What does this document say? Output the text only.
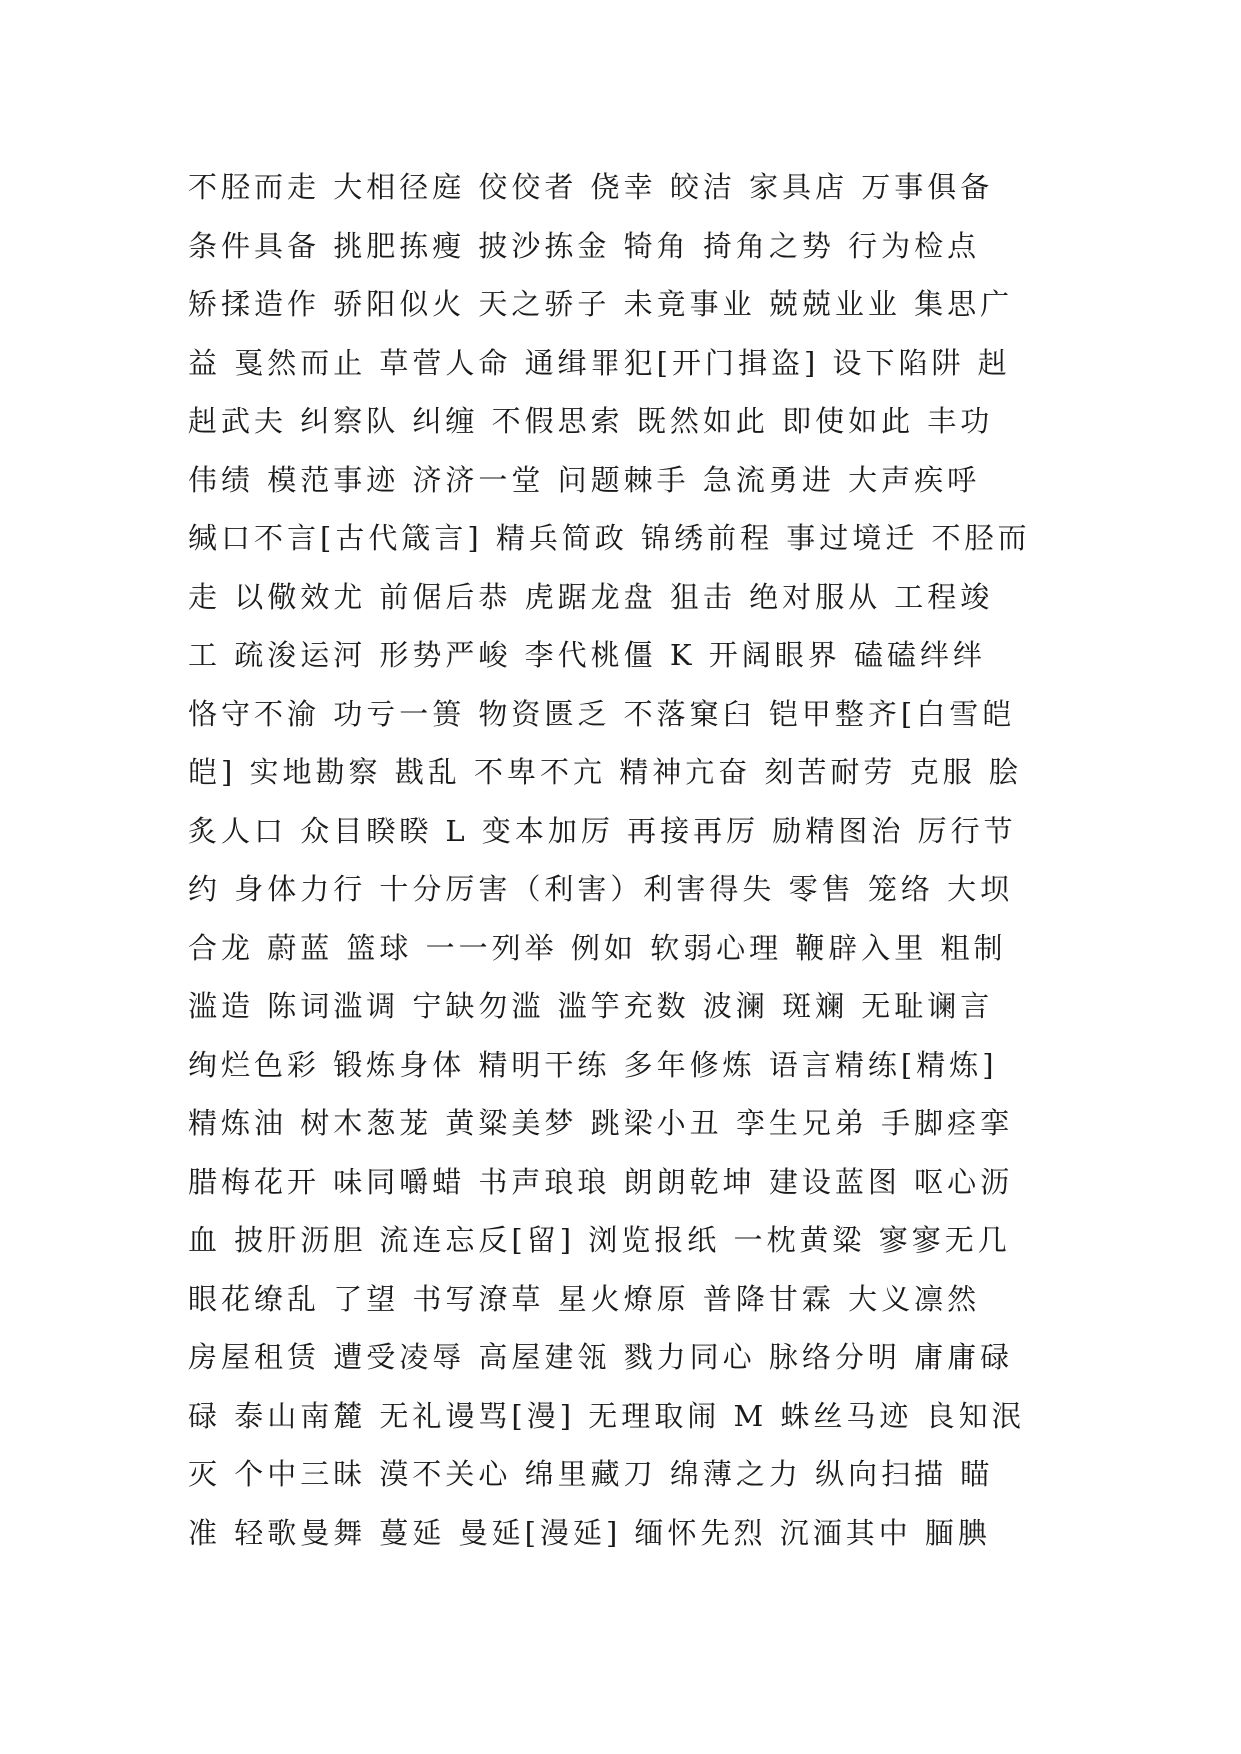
不胫而走 大相径庭 佼佼者 侥幸 皎洁 家具店 万事俱备
条件具备 挑肥拣瘦 披沙拣金 犄角 掎角之势 行为检点
矫揉造作 骄阳似火 天之骄子 未竟事业 兢兢业业 集思广
益 戛然而止 草菅人命 通缉罪犯[开门揖盗] 设下陷阱 赳
赳武夫 纠察队 纠缠 不假思索 既然如此 即使如此 丰功
伟绩 模范事迹 济济一堂 问题棘手 急流勇进 大声疾呼
缄口不言[古代箴言] 精兵简政 锦绣前程 事过境迁 不胫而
走 以儆效尤 前倨后恭 虎踞龙盘 狙击 绝对服从 工程竣
工 疏浚运河 形势严峻 李代桃僵 K 开阔眼界 磕磕绊绊
恪守不渝 功亏一篑 物资匮乏 不落窠臼 铠甲整齐[白雪皑
皑] 实地勘察 戡乱 不卑不亢 精神亢奋 刻苦耐劳 克服 脍
炙人口 众目睽睽 L 变本加厉 再接再厉 励精图治 厉行节
约 身体力行 十分厉害（利害）利害得失 零售 笼络 大坝
合龙 蔚蓝 篮球 一一列举 例如 软弱心理 鞭辟入里 粗制
滥造 陈词滥调 宁缺勿滥 滥竽充数 波澜 斑斓 无耻谰言
绚烂色彩 锻炼身体 精明干练 多年修炼 语言精练[精炼]
精炼油 树木葱茏 黄粱美梦 跳梁小丑 孪生兄弟 手脚痉挛
腊梅花开 味同嚼蜡 书声琅琅 朗朗乾坤 建设蓝图 呕心沥
血 披肝沥胆 流连忘反[留] 浏览报纸 一枕黄粱 寥寥无几
眼花缭乱 了望 书写潦草 星火燎原 普降甘霖 大义凛然
房屋租赁 遭受凌辱 高屋建瓴 戮力同心 脉络分明 庸庸碌
碌 泰山南麓 无礼谩骂[漫] 无理取闹 M 蛛丝马迹 良知泯
灭 个中三昧 漠不关心 绵里藏刀 绵薄之力 纵向扫描 瞄
准 轻歌曼舞 蔓延 曼延[漫延] 缅怀先烈 沉湎其中 腼腆
